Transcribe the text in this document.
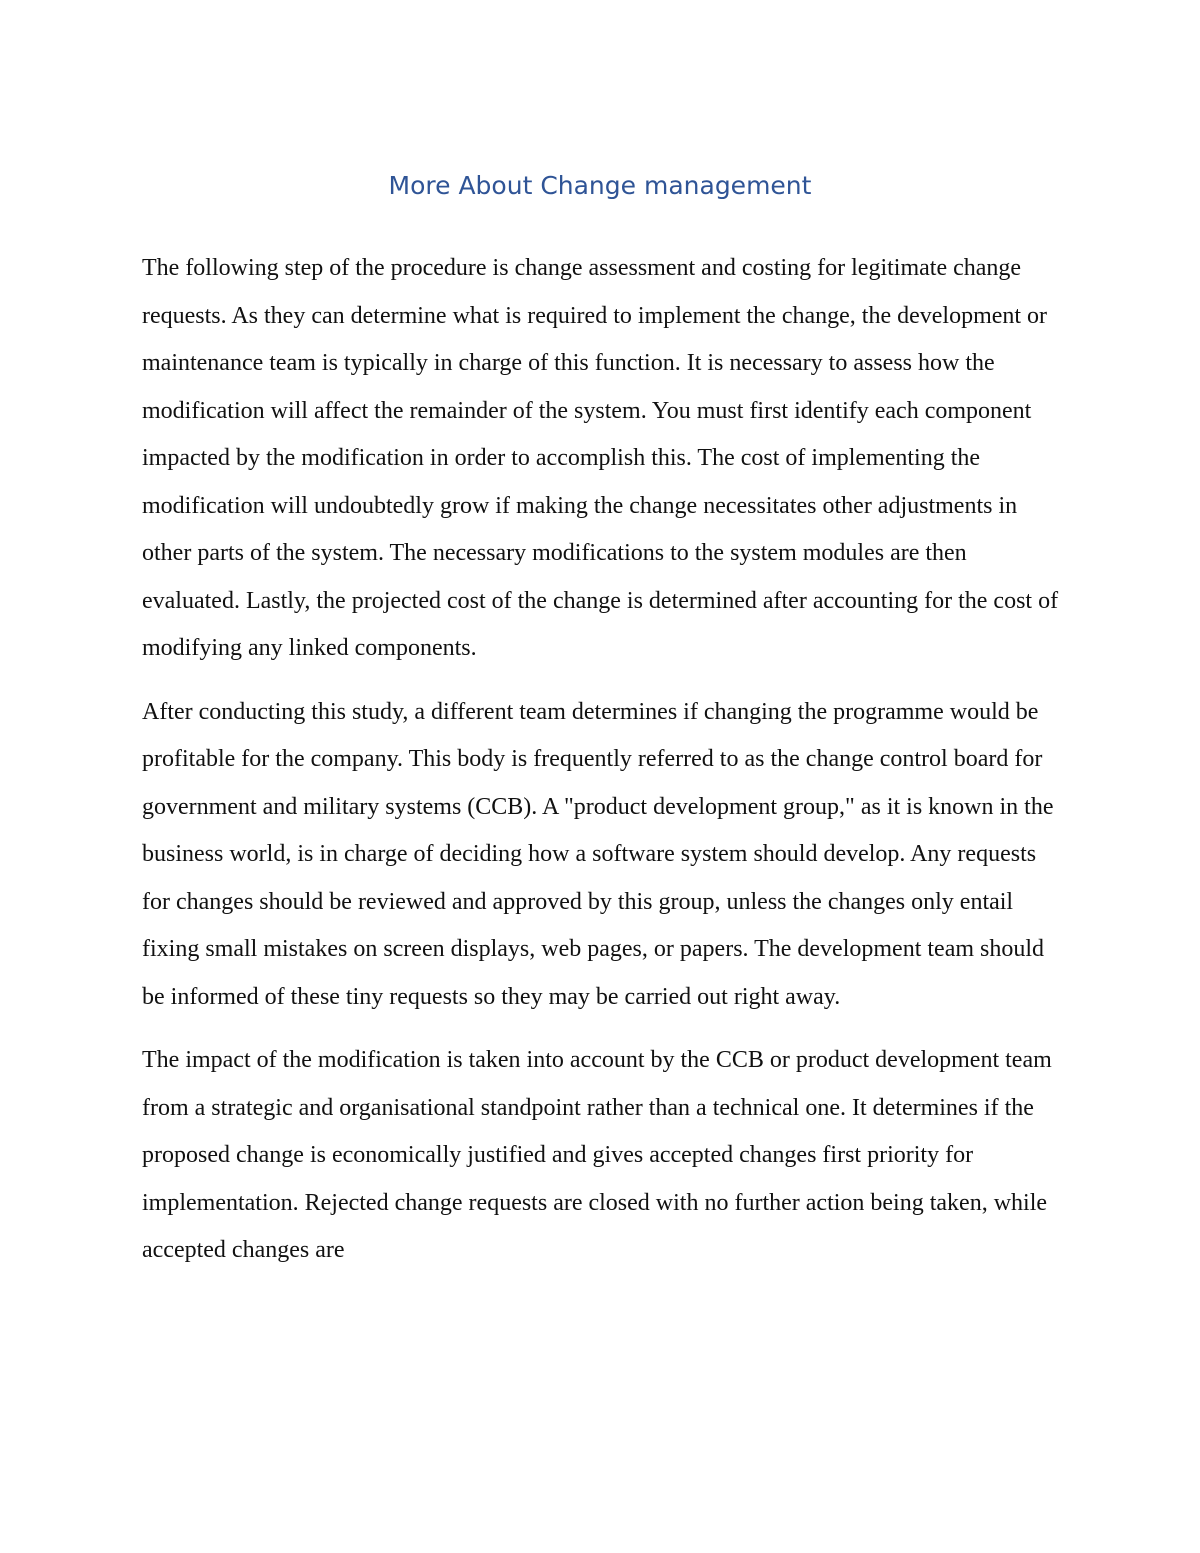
More About Change management

The following step of the procedure is change assessment and costing for legitimate change requests. As they can determine what is required to implement the change, the development or maintenance team is typically in charge of this function. It is necessary to assess how the modification will affect the remainder of the system. You must first identify each component impacted by the modification in order to accomplish this. The cost of implementing the modification will undoubtedly grow if making the change necessitates other adjustments in other parts of the system. The necessary modifications to the system modules are then evaluated. Lastly, the projected cost of the change is determined after accounting for the cost of modifying any linked components.

After conducting this study, a different team determines if changing the programme would be profitable for the company. This body is frequently referred to as the change control board for government and military systems (CCB). A "product development group," as it is known in the business world, is in charge of deciding how a software system should develop. Any requests for changes should be reviewed and approved by this group, unless the changes only entail fixing small mistakes on screen displays, web pages, or papers. The development team should be informed of these tiny requests so they may be carried out right away.

The impact of the modification is taken into account by the CCB or product development team from a strategic and organisational standpoint rather than a technical one. It determines if the proposed change is economically justified and gives accepted changes first priority for implementation. Rejected change requests are closed with no further action being taken, while accepted changes are
